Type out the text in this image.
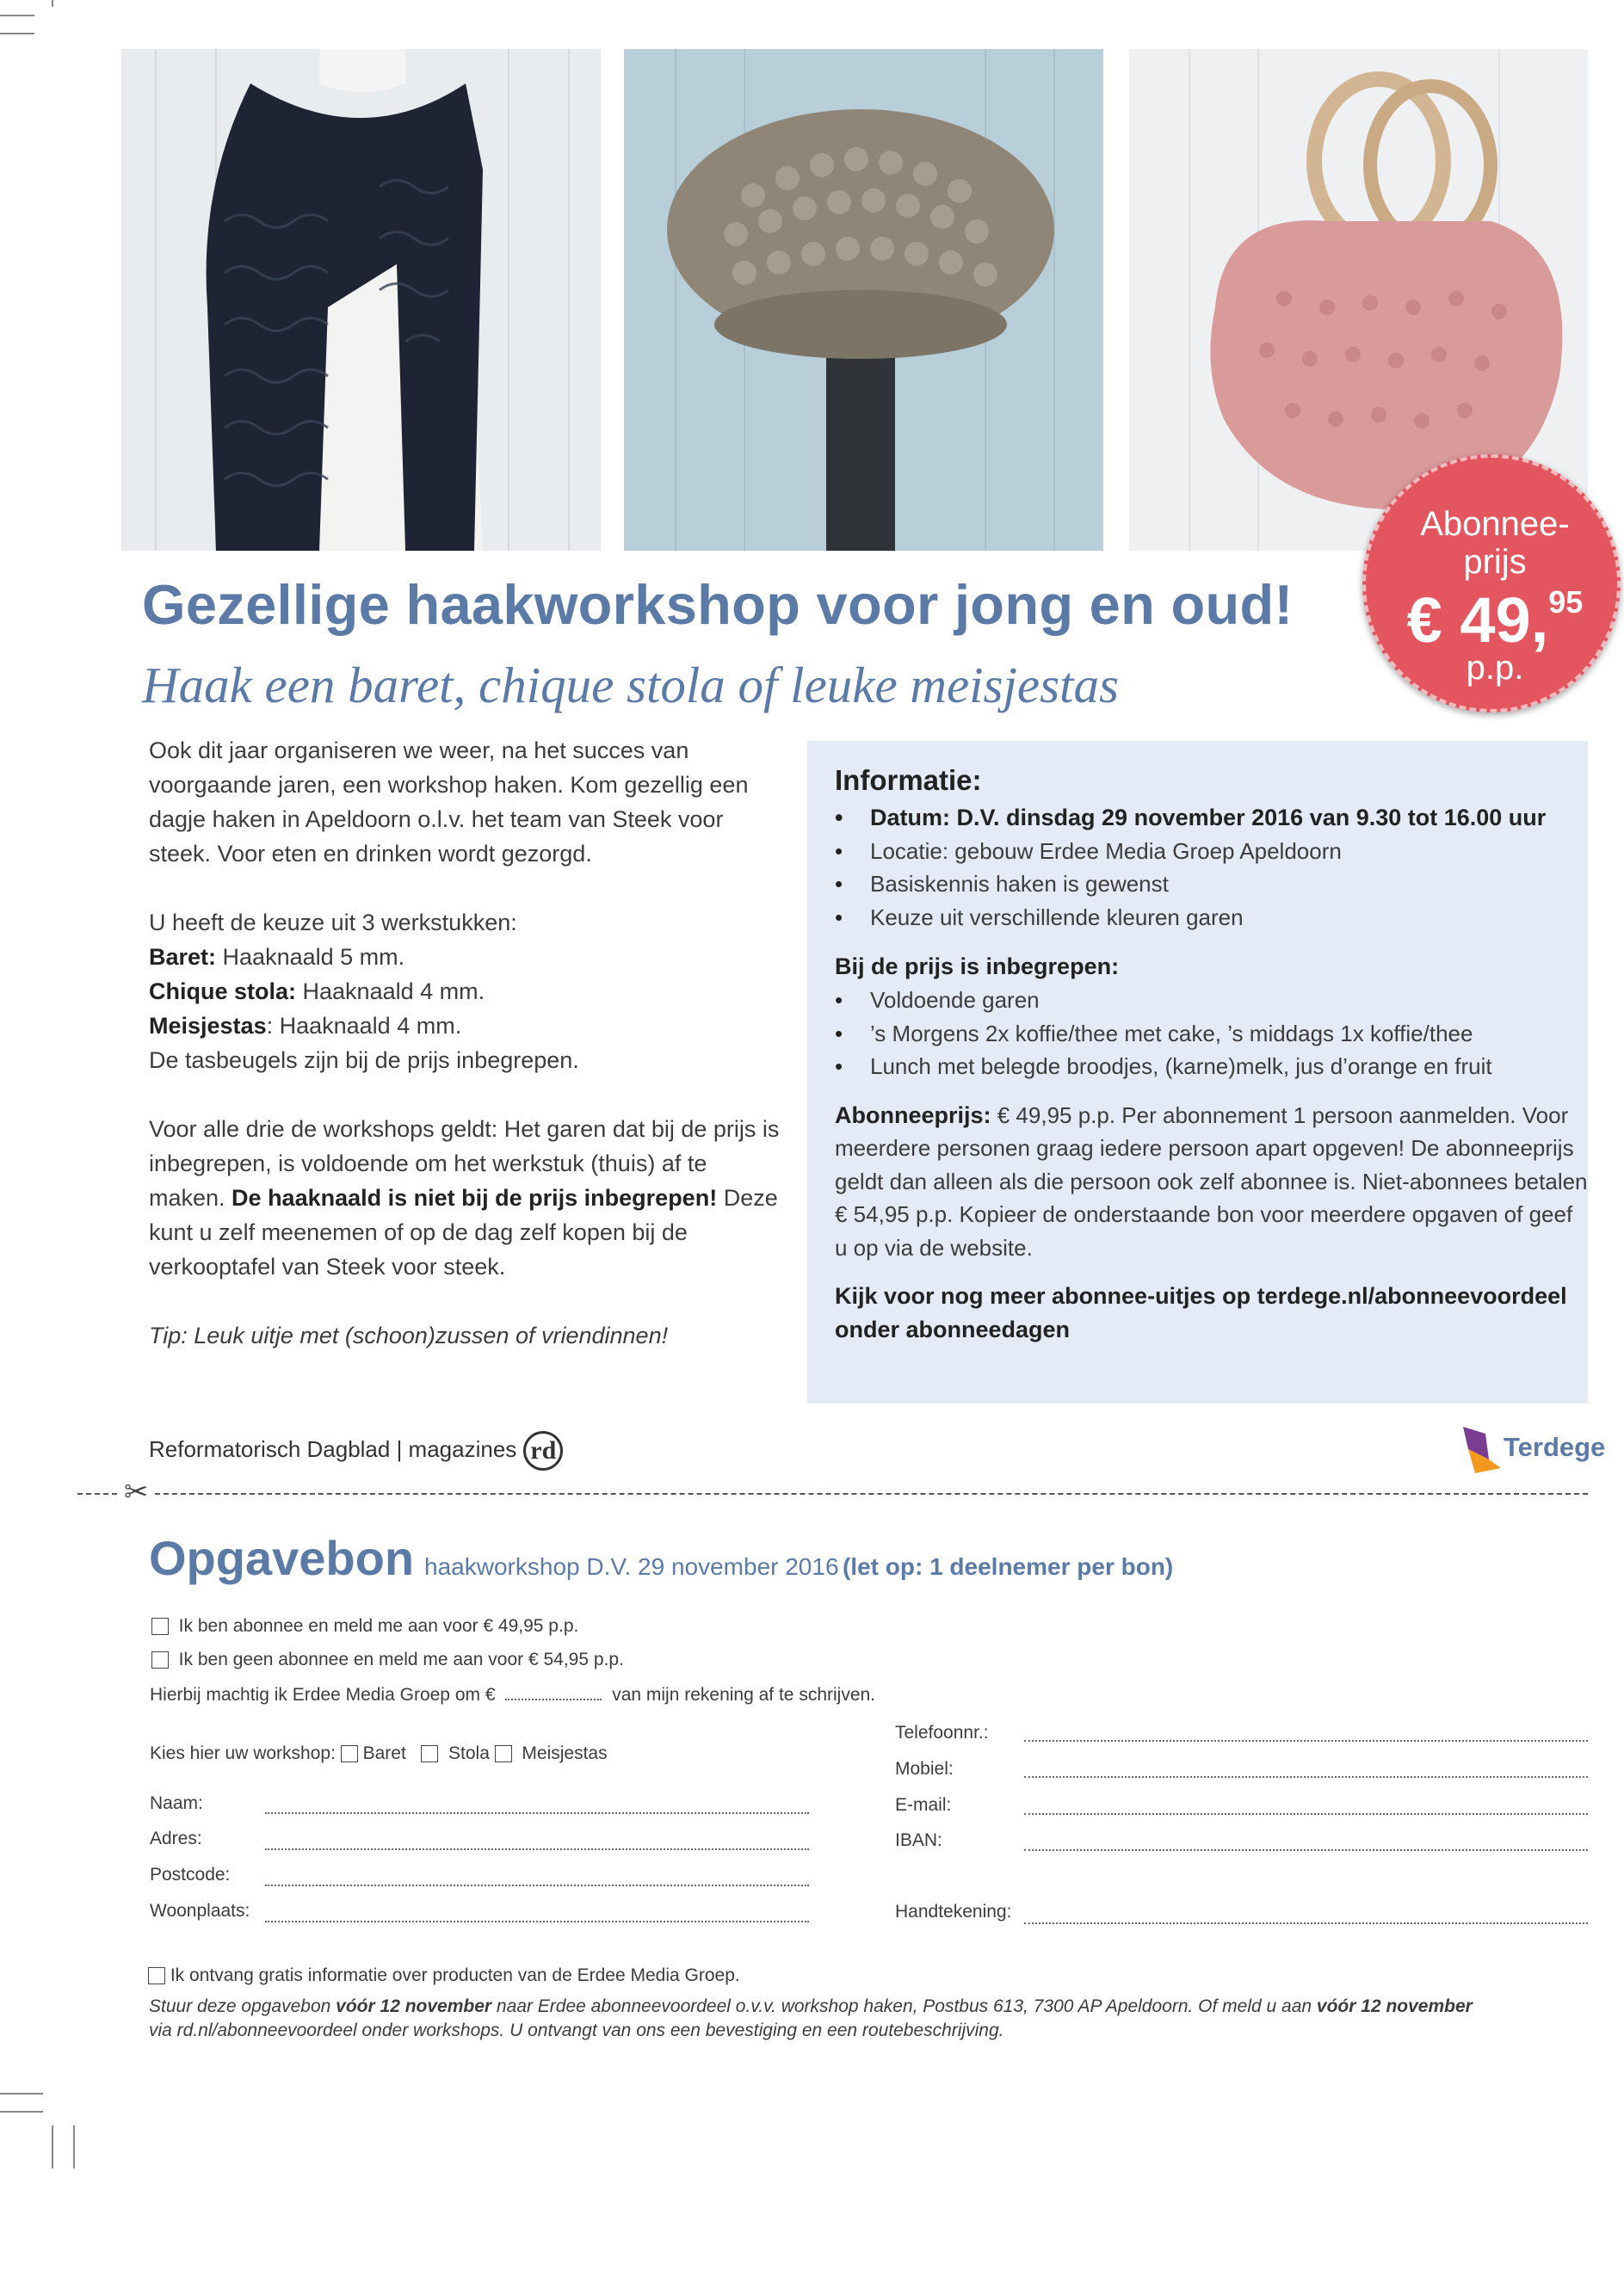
Gezellige haakworkshop voor jong en oud!
Haak een baret, chique stola of leuke meisjestas
Abonnee-
prijs
€ 49,95
p.p.

Ook dit jaar organiseren we weer, na het succes van voorgaande jaren, een workshop haken. Kom gezellig een dagje haken in Apeldoorn o.l.v. het team van Steek voor steek. Voor eten en drinken wordt gezorgd.

U heeft de keuze uit 3 werkstukken:

Baret: Haaknaald 5 mm.

Chique stola: Haaknaald 4 mm.

Meisjestas: Haaknaald 4 mm.

De tasbeugels zijn bij de prijs inbegrepen.

Voor alle drie de workshops geldt: Het garen dat bij de prijs is inbegrepen, is voldoende om het werkstuk (thuis) af te maken. De haaknaald is niet bij de prijs inbegrepen! Deze kunt u zelf meenemen of op de dag zelf kopen bij de verkooptafel van Steek voor steek.

Tip: Leuk uitje met (schoon)zussen of vriendinnen!

Informatie:
• Datum: D.V. dinsdag 29 november 2016 van 9.30 tot 16.00 uur
• Locatie: gebouw Erdee Media Groep Apeldoorn
• Basiskennis haken is gewenst
• Keuze uit verschillende kleuren garen
Bij de prijs is inbegrepen:
• Voldoende garen
• ’s Morgens 2x koffie/thee met cake, ’s middags 1x koffie/thee
• Lunch met belegde broodjes, (karne)melk, jus d’orange en fruit

Abonneeprijs: € 49,95 p.p. Per abonnement 1 persoon aanmelden. Voor
meerdere personen graag iedere persoon apart opgeven! De abonneeprijs
geldt dan alleen als die persoon ook zelf abonnee is. Niet-abonnees betalen
€ 54,95 p.p. Kopieer de onderstaande bon voor meerdere opgaven of geef
u op via de website.

Kijk voor nog meer abonnee-uitjes op terdege.nl/abonneevoordeel
onder abonneedagen
Reformatorisch Dagblad | magazines rd	Terdege
✂
Opgavebon haakworkshop D.V. 29 november 2016 (let op: 1 deelnemer per bon)
Ik ben abonnee en meld me aan voor € 49,95 p.p.
Ik ben geen abonnee en meld me aan voor € 54,95 p.p.
Hierbij machtig ik Erdee Media Groep om €	van mijn rekening af te schrijven.
Kies hier uw workshop: Baret Stola Meisjestas
Naam:
Adres:
Postcode:
Woonplaats:
Telefoonnr.:
Mobiel:
E-mail:
IBAN:
Handtekening:
Ik ontvang gratis informatie over producten van de Erdee Media Groep.
Stuur deze opgavebon vóór 12 november naar Erdee abonneevoordeel o.v.v. workshop haken, Postbus 613, 7300 AP Apeldoorn. Of meld u aan vóór 12 november
via rd.nl/abonneevoordeel onder workshops. U ontvangt van ons een bevestiging en een routebeschrijving.
